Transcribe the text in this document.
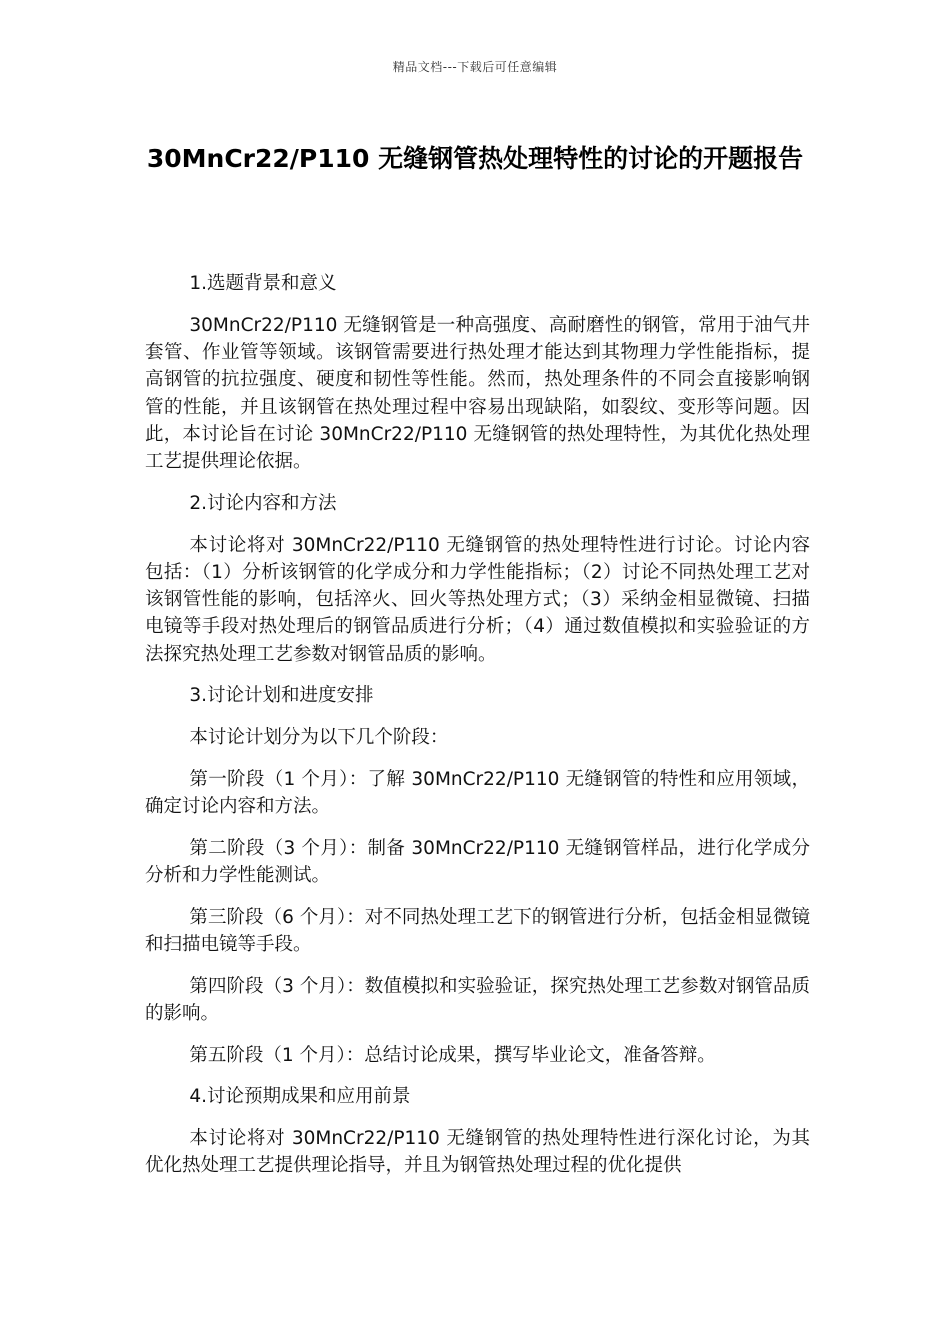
精品文档---下载后可任意编辑
30MnCr22/P110 无缝钢管热处理特性的讨论的开题报告

1.选题背景和意义

30MnCr22/P110 无缝钢管是一种高强度、高耐磨性的钢管，常用于油气井套管、作业管等领域。该钢管需要进行热处理才能达到其物理力学性能指标，提高钢管的抗拉强度、硬度和韧性等性能。然而，热处理条件的不同会直接影响钢管的性能，并且该钢管在热处理过程中容易出现缺陷，如裂纹、变形等问题。因此，本讨论旨在讨论 30MnCr22/P110 无缝钢管的热处理特性，为其优化热处理工艺提供理论依据。

2.讨论内容和方法

本讨论将对 30MnCr22/P110 无缝钢管的热处理特性进行讨论。讨论内容包括：（1）分析该钢管的化学成分和力学性能指标；（2）讨论不同热处理工艺对该钢管性能的影响，包括淬火、回火等热处理方式；（3）采纳金相显微镜、扫描电镜等手段对热处理后的钢管品质进行分析；（4）通过数值模拟和实验验证的方法探究热处理工艺参数对钢管品质的影响。

3.讨论计划和进度安排

本讨论计划分为以下几个阶段：

第一阶段（1 个月）：了解 30MnCr22/P110 无缝钢管的特性和应用领域，确定讨论内容和方法。

第二阶段（3 个月）：制备 30MnCr22/P110 无缝钢管样品，进行化学成分分析和力学性能测试。

第三阶段（6 个月）：对不同热处理工艺下的钢管进行分析，包括金相显微镜和扫描电镜等手段。

第四阶段（3 个月）：数值模拟和实验验证，探究热处理工艺参数对钢管品质的影响。

第五阶段（1 个月）：总结讨论成果，撰写毕业论文，准备答辩。

4.讨论预期成果和应用前景

本讨论将对 30MnCr22/P110 无缝钢管的热处理特性进行深化讨论，为其优化热处理工艺提供理论指导，并且为钢管热处理过程的优化提供
